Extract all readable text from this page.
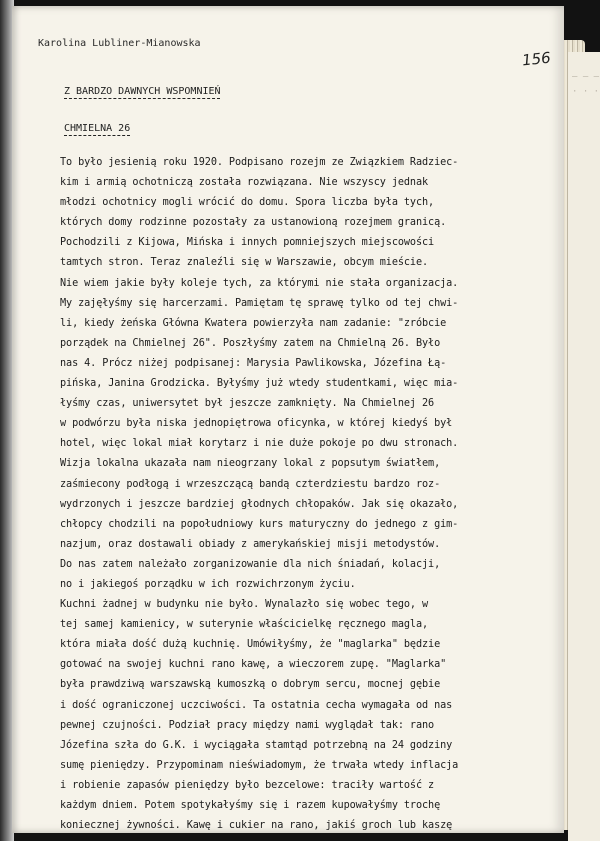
— — —
· · ·
Karolina Lubliner-Mianowska
156
Z BARDZO DAWNYCH WSPOMNIEŃ
CHMIELNA 26
To było jesienią roku 1920. Podpisano rozejm ze Związkiem Radziec-
kim i armią ochotniczą została rozwiązana. Nie wszyscy jednak
młodzi ochotnicy mogli wrócić do domu. Spora liczba była tych,
których domy rodzinne pozostały za ustanowioną rozejmem granicą.
Pochodzili z Kijowa, Mińska i innych pomniejszych miejscowości
tamtych stron. Teraz znaleźli się w Warszawie, obcym mieście.
Nie wiem jakie były koleje tych, za którymi nie stała organizacja.
My zajęłyśmy się harcerzami. Pamiętam tę sprawę tylko od tej chwi-
li, kiedy żeńska Główna Kwatera powierzyła nam zadanie: "zróbcie
porządek na Chmielnej 26". Poszłyśmy zatem na Chmielną 26. Było
nas 4. Prócz niżej podpisanej: Marysia Pawlikowska, Józefina Łą-
pińska, Janina Grodzicka. Byłyśmy już wtedy studentkami, więc mia-
łyśmy czas, uniwersytet był jeszcze zamknięty. Na Chmielnej 26
w podwórzu była niska jednopiętrowa oficynka, w której kiedyś był
hotel, więc lokal miał korytarz i nie duże pokoje po dwu stronach.
Wizja lokalna ukazała nam nieogrzany lokal z popsutym światłem,
zaśmiecony podłogą i wrzeszczącą bandą czterdziestu bardzo roz-
wydrzonych i jeszcze bardziej głodnych chłopaków. Jak się okazało,
chłopcy chodzili na popołudniowy kurs maturyczny do jednego z gim-
nazjum, oraz dostawali obiady z amerykańskiej misji metodystów.
Do nas zatem należało zorganizowanie dla nich śniadań, kolacji,
no i jakiegoś porządku w ich rozwichrzonym życiu.
Kuchni żadnej w budynku nie było. Wynalazło się wobec tego, w
tej samej kamienicy, w suterynie właścicielkę ręcznego magla,
która miała dość dużą kuchnię. Umówiłyśmy, że "maglarka" będzie
gotować na swojej kuchni rano kawę, a wieczorem zupę. "Maglarka"
była prawdziwą warszawską kumoszką o dobrym sercu, mocnej gębie
i dość ograniczonej uczciwości. Ta ostatnia cecha wymagała od nas
pewnej czujności. Podział pracy między nami wyglądał tak: rano
Józefina szła do G.K. i wyciągała stamtąd potrzebną na 24 godziny
sumę pieniędzy. Przypominam nieświadomym, że trwała wtedy inflacja
i robienie zapasów pieniędzy było bezcelowe: traciły wartość z
każdym dniem. Potem spotykałyśmy się i razem kupowałyśmy trochę
koniecznej żywności. Kawę i cukier na rano, jakiś groch lub kaszę
